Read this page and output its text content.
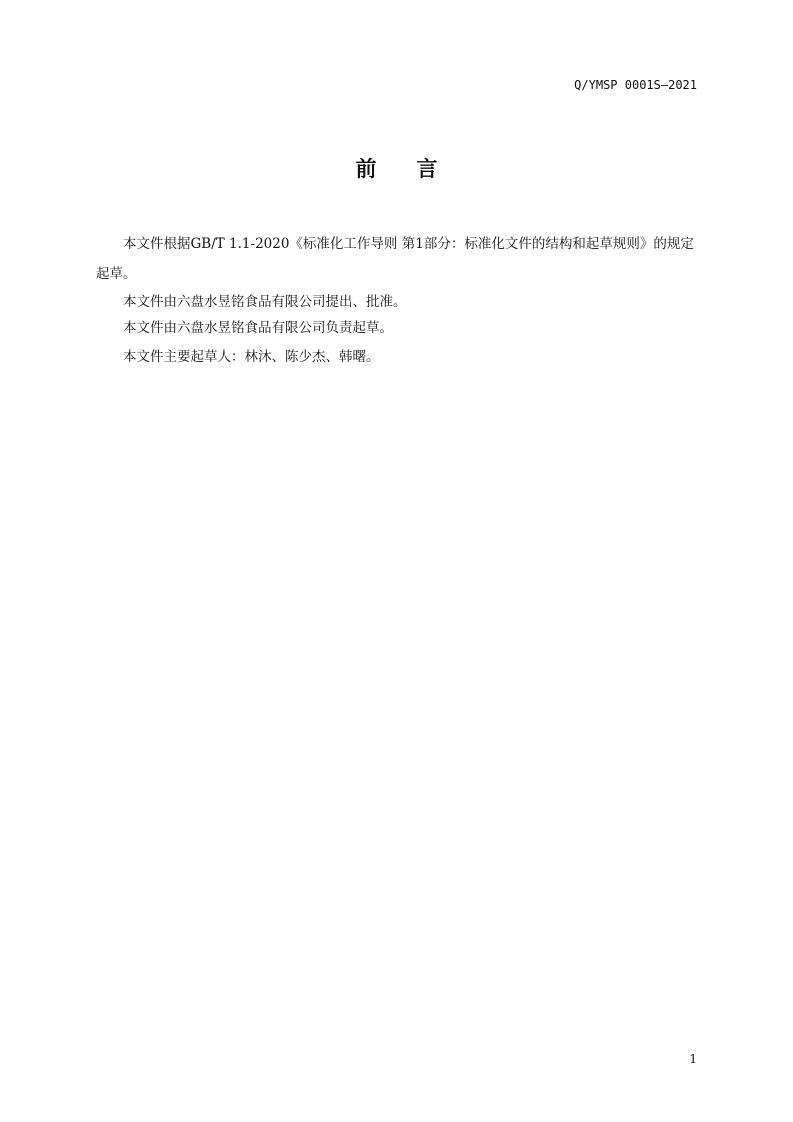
Q/YMSP 0001S—2021
前言

本文件根据GB/T 1.1-2020《标准化工作导则 第1部分：标准化文件的结构和起草规则》的规定起草。

本文件由六盘水昱铭食品有限公司提出、批准。

本文件由六盘水昱铭食品有限公司负责起草。

本文件主要起草人：林沐、陈少杰、韩曙。

1
